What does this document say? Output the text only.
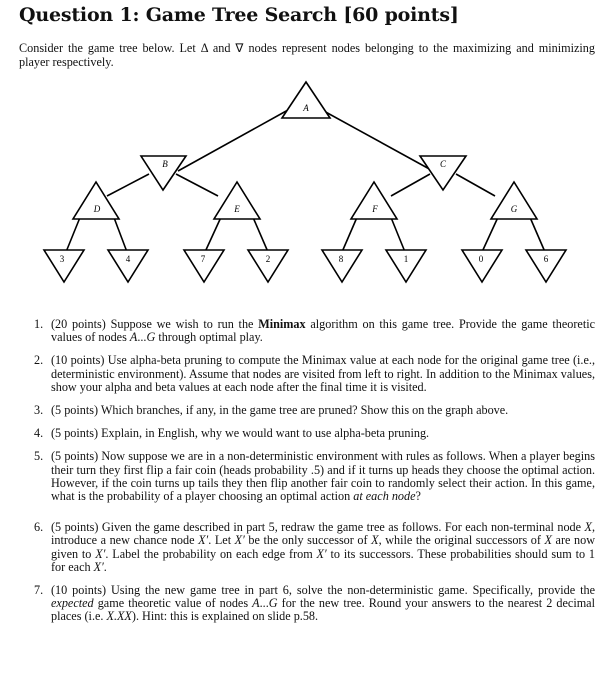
Question 1: Game Tree Search [60 points]
Consider the game tree below. Let Δ and ∇ nodes represent nodes belonging to the maximizing and minimizing player respectively.
A
B	C
D	E	F	G
3	4	7	2	8	1	0	6
1. (20 points) Suppose we wish to run the Minimax algorithm on this game tree. Provide the game theoretic values of nodes A...G through optimal play.
2. (10 points) Use alpha-beta pruning to compute the Minimax value at each node for the original game tree (i.e., deterministic environment). Assume that nodes are visited from left to right. In addition to the Minimax values, show your alpha and beta values at each node after the final time it is visited.
3. (5 points) Which branches, if any, in the game tree are pruned? Show this on the graph above.
4. (5 points) Explain, in English, why we would want to use alpha-beta pruning.
5. (5 points) Now suppose we are in a non-deterministic environment with rules as follows. When a player begins their turn they first flip a fair coin (heads probability .5) and if it turns up heads they choose the optimal action. However, if the coin turns up tails they then flip another fair coin to randomly select their action. In this game, what is the probability of a player choosing an optimal action at each node?
6. (5 points) Given the game described in part 5, redraw the game tree as follows. For each non-terminal node X, introduce a new chance node X′. Let X′ be the only successor of X, while the original successors of X are now given to X′. Label the probability on each edge from X′ to its successors. These probabilities should sum to 1 for each X′.
7. (10 points) Using the new game tree in part 6, solve the non-deterministic game. Specifically, provide the expected game theoretic value of nodes A...G for the new tree. Round your answers to the nearest 2 decimal places (i.e. X.XX). Hint: this is explained on slide p.58.
